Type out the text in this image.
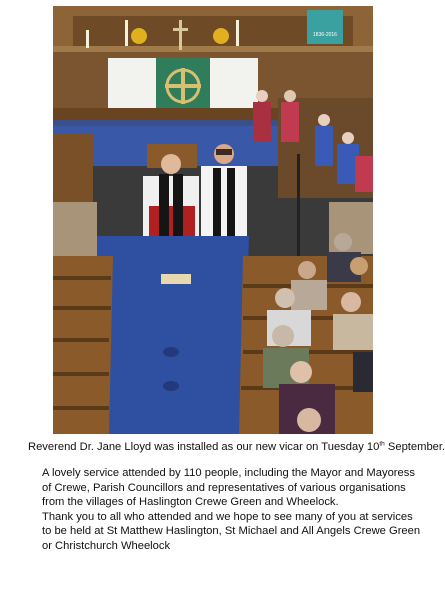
1836-2016
Reverend Dr. Jane Lloyd was installed as our new vicar on Tuesday 10th September.

A lovely service attended by 110 people, including the Mayor and Mayoress of Crewe, Parish Councillors and representatives of various organisations from the villages of Haslington Crewe Green and Wheelock.

Thank you to all who attended and we hope to see many of you at services to be held at St Matthew Haslington, St Michael and All Angels Crewe Green or Christchurch Wheelock
